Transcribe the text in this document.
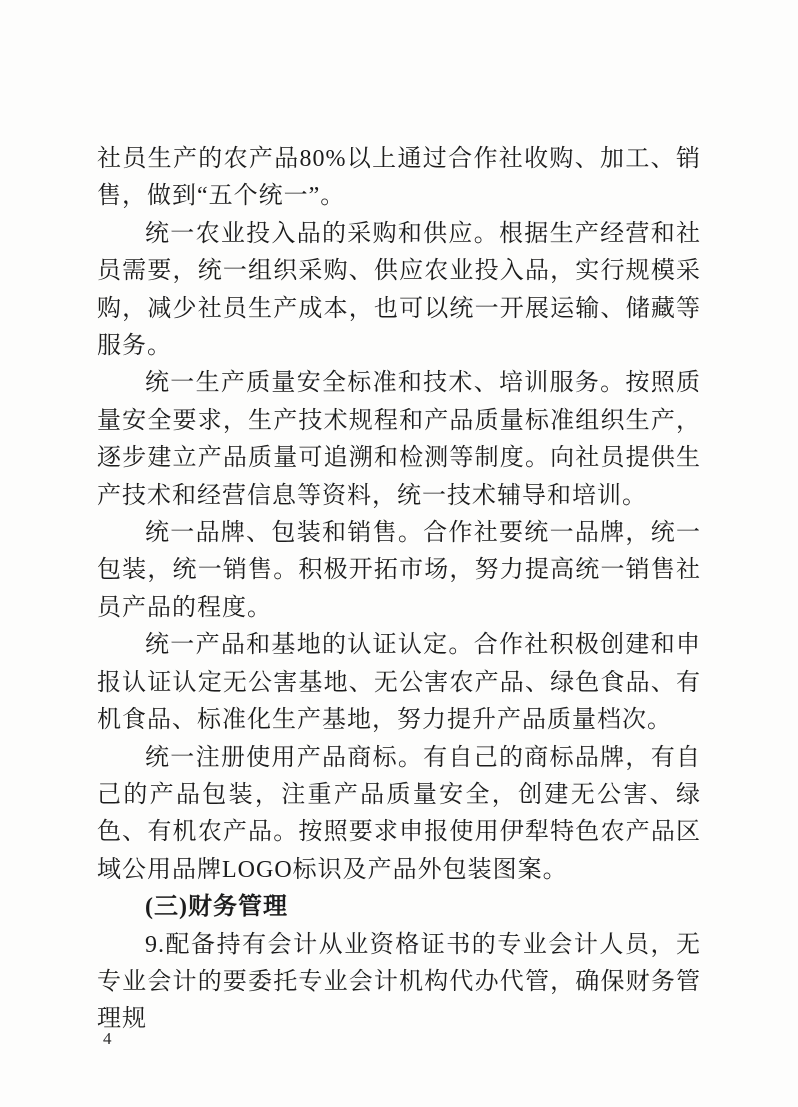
社员生产的农产品80%以上通过合作社收购、加工、销售，做到“五个统一”。

统一农业投入品的采购和供应。根据生产经营和社员需要，统一组织采购、供应农业投入品，实行规模采购，减少社员生产成本，也可以统一开展运输、储藏等服务。

统一生产质量安全标准和技术、培训服务。按照质量安全要求，生产技术规程和产品质量标准组织生产，逐步建立产品质量可追溯和检测等制度。向社员提供生产技术和经营信息等资料，统一技术辅导和培训。

统一品牌、包装和销售。合作社要统一品牌，统一包装，统一销售。积极开拓市场，努力提高统一销售社员产品的程度。

统一产品和基地的认证认定。合作社积极创建和申报认证认定无公害基地、无公害农产品、绿色食品、有机食品、标准化生产基地，努力提升产品质量档次。

统一注册使用产品商标。有自己的商标品牌，有自己的产品包装，注重产品质量安全，创建无公害、绿色、有机农产品。按照要求申报使用伊犁特色农产品区域公用品牌LOGO标识及产品外包装图案。

(三)财务管理

9.配备持有会计从业资格证书的专业会计人员，无专业会计的要委托专业会计机构代办代管，确保财务管理规

4
